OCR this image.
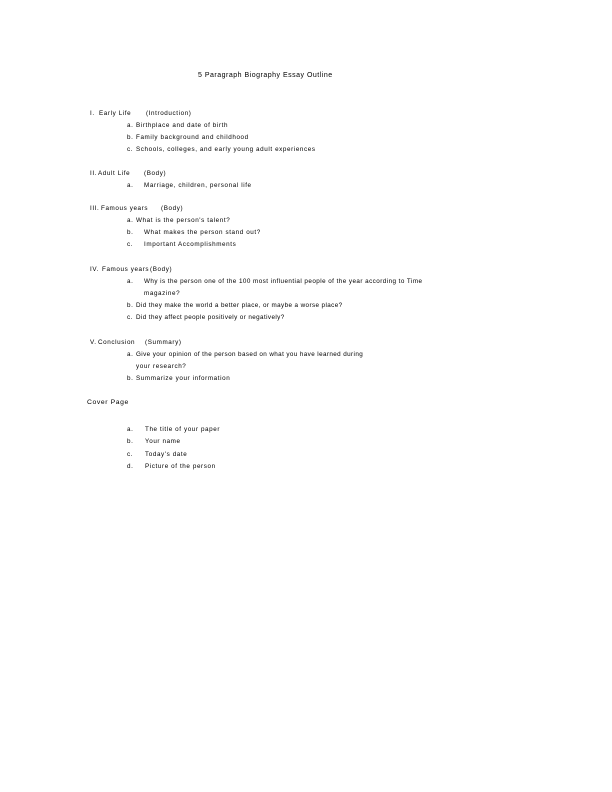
5 Paragraph Biography Essay Outline
I. Early Life (Introduction)
a. Birthplace and date of birth
b. Family background and childhood
c. Schools, colleges, and early young adult experiences
II. Adult Life (Body)
a. Marriage, children, personal life
III. Famous years (Body)
a. What is the person's talent?
b. What makes the person stand out?
c. Important Accomplishments
IV. Famous years (Body)
a. Why is the person one of the 100 most influential people of the year according to Time
magazine?
b. Did they make the world a better place, or maybe a worse place?
c. Did they affect people positively or negatively?
V. Conclusion (Summary)
a. Give your opinion of the person based on what you have learned during
your research?
b. Summarize your information
Cover Page
a. The title of your paper
b. Your name
c. Today's date
d. Picture of the person
